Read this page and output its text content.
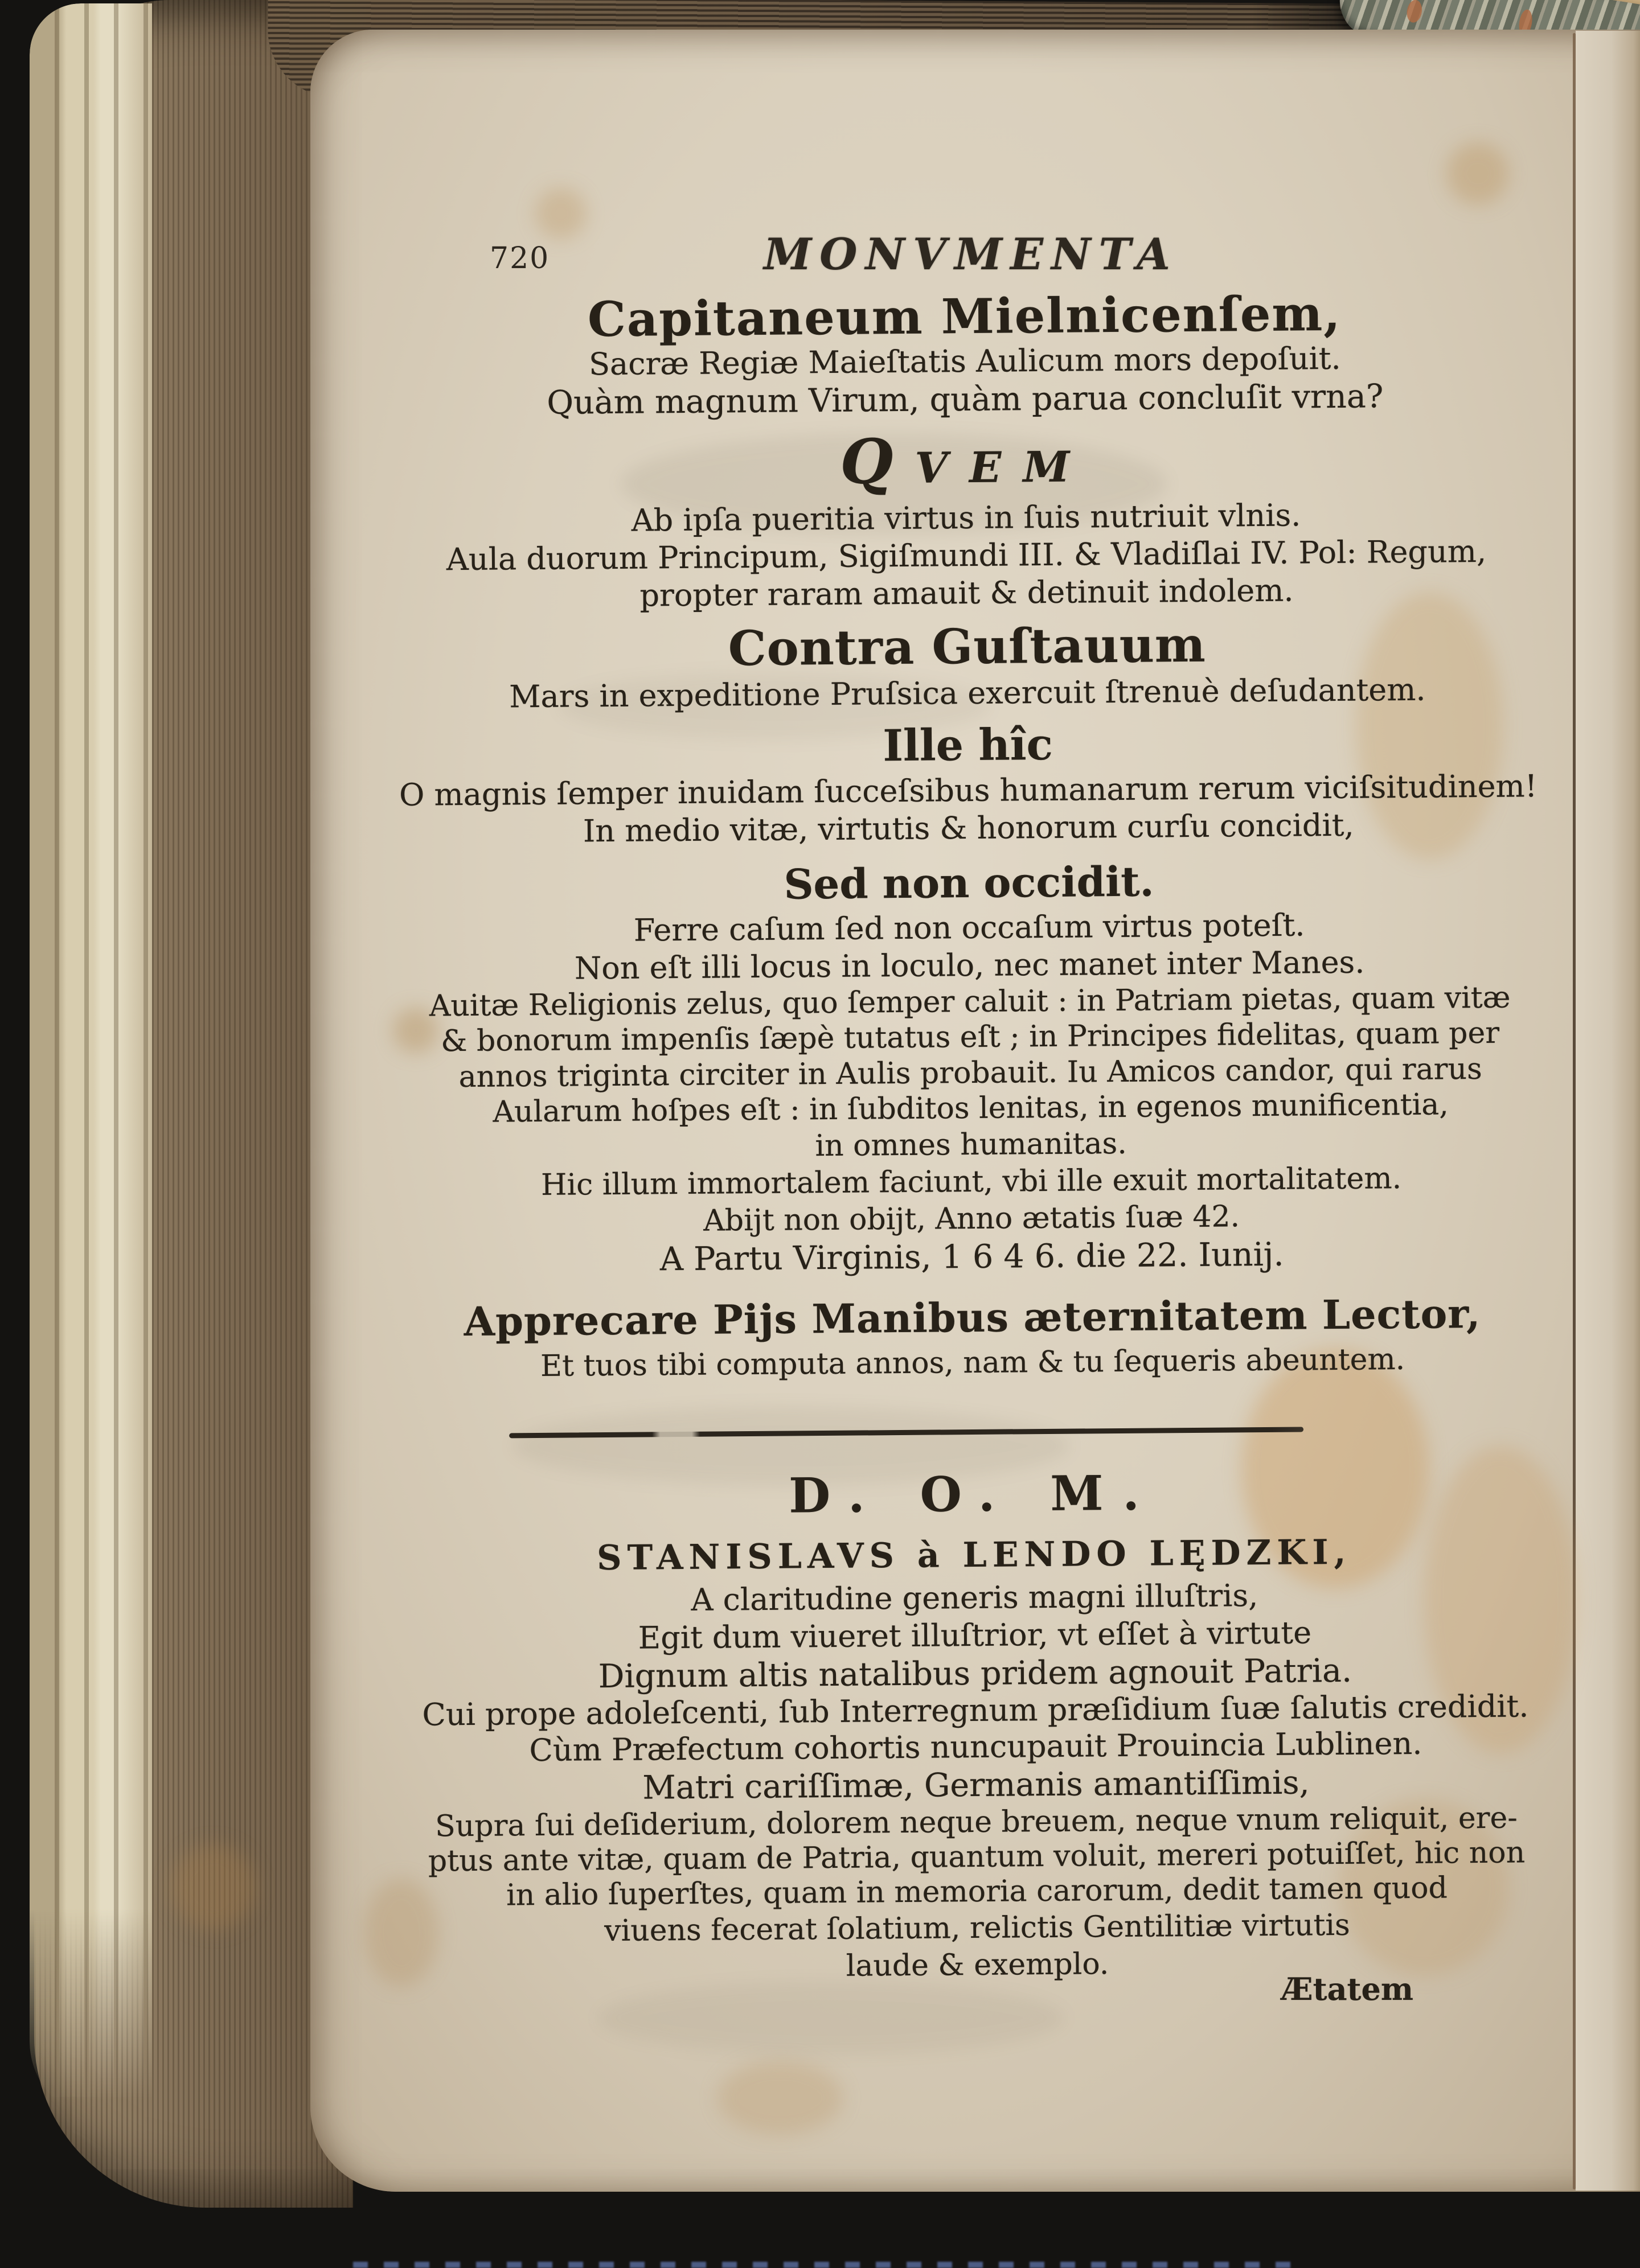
720	MONVMENTA
Capitaneum Mielnicenſem,
Sacræ Regiæ Maieſtatis Aulicum mors depoſuit.
Quàm magnum Virum, quàm parua concluſit vrna?
QVEM
Ab ipſa pueritia virtus in ſuis nutriuit vlnis.
Aula duorum Principum, Sigiſmundi III. & Vladiſlai IV. Pol: Regum,
propter raram amauit & detinuit indolem.
Contra Guſtauum
Mars in expeditione Pruſsica exercuit ſtrenuè deſudantem.
Ille hîc
O magnis ſemper inuidam ſucceſsibus humanarum rerum viciſsitudinem!
In medio vitæ, virtutis & honorum curſu concidit,
Sed non occidit.
Ferre caſum ſed non occaſum virtus poteſt.
Non eſt illi locus in loculo, nec manet inter Manes.
Auitæ Religionis zelus, quo ſemper caluit : in Patriam pietas, quam vitæ
& bonorum impenſis ſæpè tutatus eſt ; in Principes fidelitas, quam per
annos triginta circiter in Aulis probauit. Iu Amicos candor, qui rarus
Aularum hoſpes eſt : in ſubditos lenitas, in egenos munificentia,
in omnes humanitas.
Hic illum immortalem faciunt, vbi ille exuit mortalitatem.
Abijt non obijt, Anno ætatis ſuæ 42.
A Partu Virginis, 1 6 4 6. die 22. Iunij.
Apprecare Pijs Manibus æternitatem Lector,
Et tuos tibi computa annos, nam & tu ſequeris abeuntem.
D. O. M.
STANISLAVS à LENDO LĘDZKI,
A claritudine generis magni illuſtris,
Egit dum viueret illuſtrior, vt eſſet à virtute
Dignum altis natalibus pridem agnouit Patria.
Cui prope adoleſcenti, ſub Interregnum præſidium ſuæ ſalutis credidit.
Cùm Præfectum cohortis nuncupauit Prouincia Lublinen.
Matri cariſſimæ, Germanis amantiſſimis,
Supra ſui deſiderium, dolorem neque breuem, neque vnum reliquit, ere-
ptus ante vitæ, quam de Patria, quantum voluit, mereri potuiſſet, hic non
in alio ſuperſtes, quam in memoria carorum, dedit tamen quod
viuens fecerat ſolatium, relictis Gentilitiæ virtutis
laude & exemplo.
Ætatem
